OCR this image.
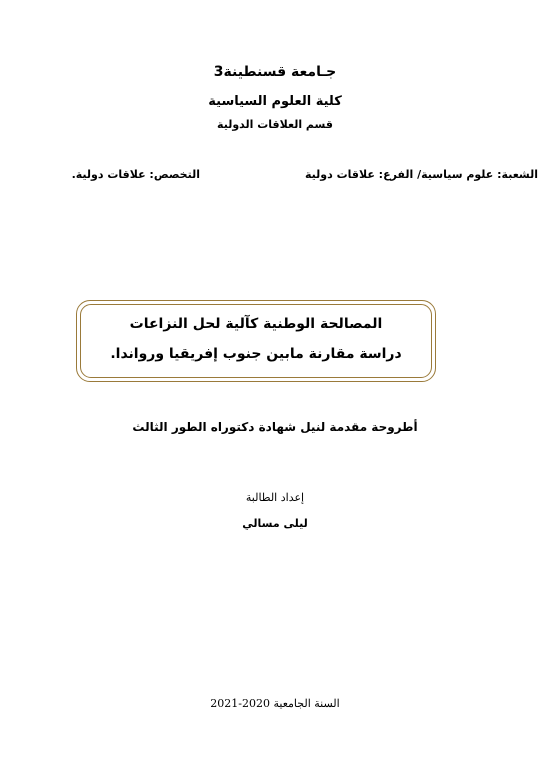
جـامعة قسنطينة3
كلية العلوم السياسية
قسم العلاقات الدولية
الشعبة: علوم سياسية/ الفرع: علاقات دولية
التخصص: علاقات دولية.
المصالحة الوطنية كآلية لحل النزاعات
دراسة مقارنة مابين جنوب إفريقيا ورواندا.
أطروحة مقدمة لنيل شهادة دكتوراه الطور الثالث
إعداد الطالبة
ليلى مسالي
السنة الجامعية 2020-2021
